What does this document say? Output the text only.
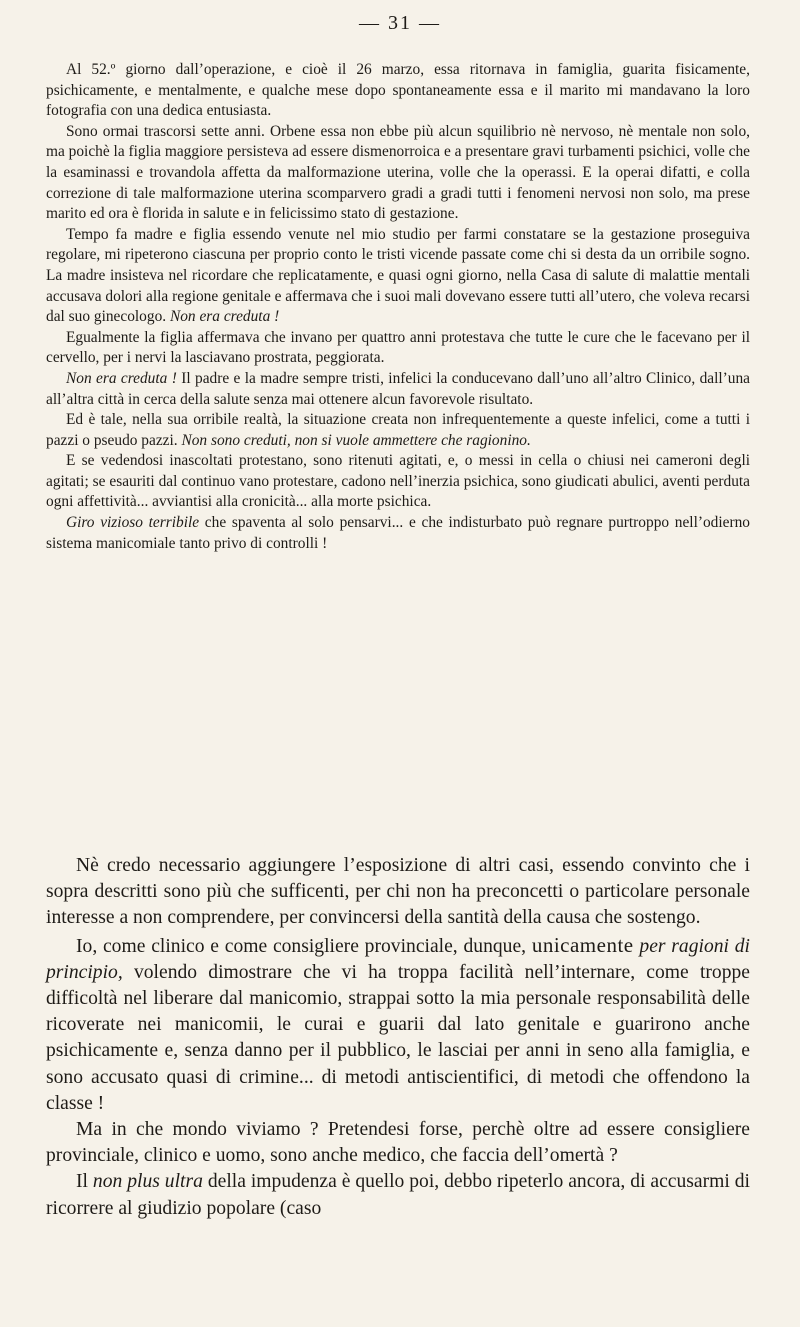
— 31 —

Al 52.º giorno dall’operazione, e cioè il 26 marzo, essa ritornava in famiglia, guarita fisicamente, psichicamente, e mentalmente, e qualche mese dopo spontaneamente essa e il marito mi mandavano la loro fotografia con una dedica entusiasta.

Sono ormai trascorsi sette anni. Orbene essa non ebbe più alcun squilibrio nè nervoso, nè mentale non solo, ma poichè la figlia maggiore persisteva ad essere dismenorroica e a presentare gravi turbamenti psichici, volle che la esaminassi e trovandola affetta da malformazione uterina, volle che la operassi. E la operai difatti, e colla correzione di tale malformazione uterina scomparvero gradi a gradi tutti i fenomeni nervosi non solo, ma prese marito ed ora è florida in salute e in felicissimo stato di gestazione.

Tempo fa madre e figlia essendo venute nel mio studio per farmi constatare se la gestazione proseguiva regolare, mi ripeterono ciascuna per proprio conto le tristi vicende passate come chi si desta da un orribile sogno. La madre insisteva nel ricordare che replicatamente, e quasi ogni giorno, nella Casa di salute di malattie mentali accusava dolori alla regione genitale e affermava che i suoi mali dovevano essere tutti all’utero, che voleva recarsi dal suo ginecologo. Non era creduta !

Egualmente la figlia affermava che invano per quattro anni protestava che tutte le cure che le facevano per il cervello, per i nervi la lasciavano prostrata, peggiorata.

Non era creduta ! Il padre e la madre sempre tristi, infelici la conducevano dall’uno all’altro Clinico, dall’una all’altra città in cerca della salute senza mai ottenere alcun favorevole risultato.

Ed è tale, nella sua orribile realtà, la situazione creata non infrequentemente a queste infelici, come a tutti i pazzi o pseudo pazzi. Non sono creduti, non si vuole ammettere che ragionino.

E se vedendosi inascoltati protestano, sono ritenuti agitati, e, o messi in cella o chiusi nei cameroni degli agitati; se esauriti dal continuo vano protestare, cadono nell’inerzia psichica, sono giudicati abulici, aventi perduta ogni affettività... avviantisi alla cronicità... alla morte psichica.

Giro vizioso terribile che spaventa al solo pensarvi... e che indisturbato può regnare purtroppo nell’odierno sistema manicomiale tanto privo di controlli !

Nè credo necessario aggiungere l’esposizione di altri casi, essendo convinto che i sopra descritti sono più che sufficenti, per chi non ha preconcetti o particolare personale interesse a non comprendere, per convincersi della santità della causa che sostengo.

Io, come clinico e come consigliere provinciale, dunque, unicamente per ragioni di principio, volendo dimostrare che vi ha troppa facilità nell’internare, come troppe difficoltà nel liberare dal manicomio, strappai sotto la mia personale responsabilità delle ricoverate nei manicomii, le curai e guarii dal lato genitale e guarirono anche psichicamente e, senza danno per il pubblico, le lasciai per anni in seno alla famiglia, e sono accusato quasi di crimine... di metodi antiscientifici, di metodi che offendono la classe !

Ma in che mondo viviamo ? Pretendesi forse, perchè oltre ad essere consigliere provinciale, clinico e uomo, sono anche medico, che faccia dell’omertà ?

Il non plus ultra della impudenza è quello poi, debbo ripeterlo ancora, di accusarmi di ricorrere al giudizio popolare (caso
